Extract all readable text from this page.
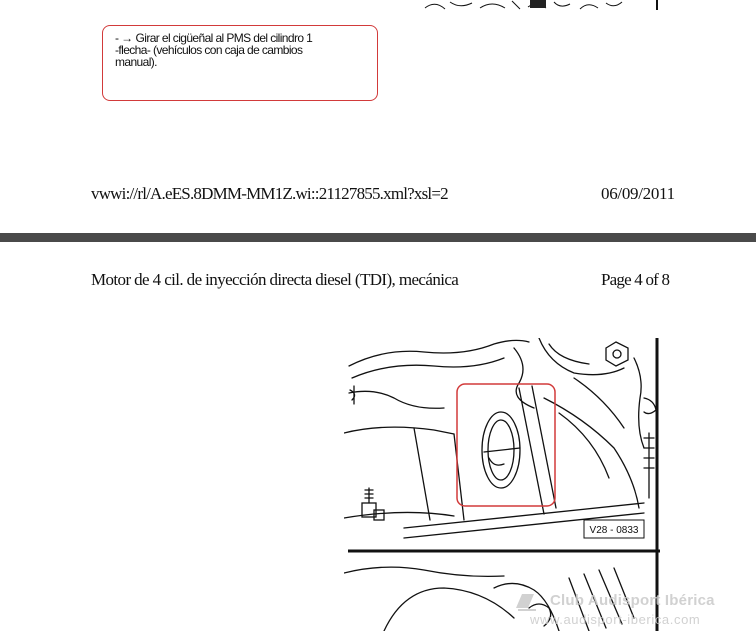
- → Girar el cigüeñal al PMS del cilindro 1
-flecha- (vehículos con caja de cambios
manual).
vwwi://rl/A.eES.8DMM-MM1Z.wi::21127855.xml?xsl=2	06/09/2011
Motor de 4 cil. de inyección directa diesel (TDI), mecánica	Page 4 of 8
V28 - 0833
Club Audisport Ibérica
www.audisport-iberica.com
